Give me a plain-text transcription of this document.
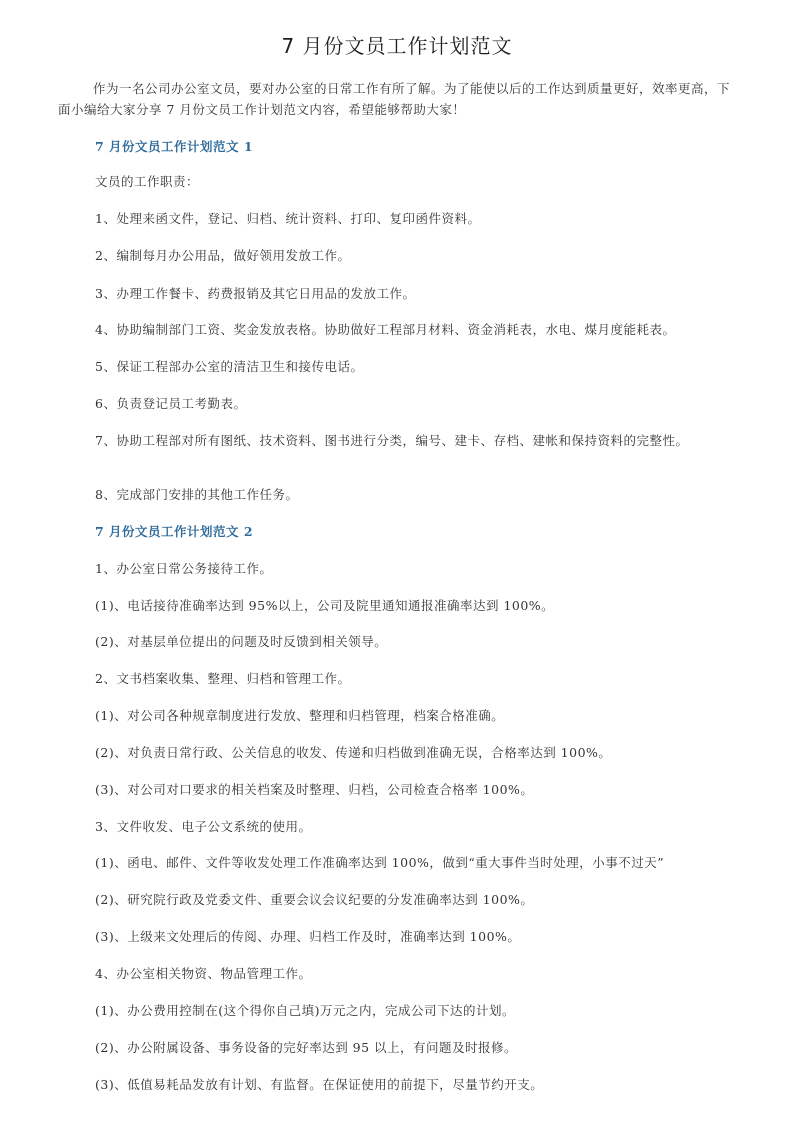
7 月份文员工作计划范文

作为一名公司办公室文员，要对办公室的日常工作有所了解。为了能使以后的工作达到质量更好，效率更高，下面小编给大家分享 7 月份文员工作计划范文内容，希望能够帮助大家！

7 月份文员工作计划范文 1

文员的工作职责：

1、处理来函文件，登记、归档、统计资料、打印、复印函件资料。

2、编制每月办公用品，做好领用发放工作。

3、办理工作餐卡、药费报销及其它日用品的发放工作。

4、协助编制部门工资、奖金发放表格。协助做好工程部月材料、资金消耗表，水电、煤月度能耗表。

5、保证工程部办公室的清洁卫生和接传电话。

6、负责登记员工考勤表。

7、协助工程部对所有图纸、技术资料、图书进行分类，编号、建卡、存档、建帐和保持资料的完整性。

8、完成部门安排的其他工作任务。

7 月份文员工作计划范文 2

1、办公室日常公务接待工作。

(1)、电话接待准确率达到 95%以上，公司及院里通知通报准确率达到 100%。

(2)、对基层单位提出的问题及时反馈到相关领导。

2、文书档案收集、整理、归档和管理工作。

(1)、对公司各种规章制度进行发放、整理和归档管理，档案合格准确。

(2)、对负责日常行政、公关信息的收发、传递和归档做到准确无误，合格率达到 100%。

(3)、对公司对口要求的相关档案及时整理、归档，公司检查合格率 100%。

3、文件收发、电子公文系统的使用。

(1)、函电、邮件、文件等收发处理工作准确率达到 100%，做到“重大事件当时处理，小事不过天”

(2)、研究院行政及党委文件、重要会议会议纪要的分发准确率达到 100%。

(3)、上级来文处理后的传阅、办理、归档工作及时，准确率达到 100%。

4、办公室相关物资、物品管理工作。

(1)、办公费用控制在(这个得你自己填)万元之内，完成公司下达的计划。

(2)、办公附属设备、事务设备的完好率达到 95 以上，有问题及时报修。

(3)、低值易耗品发放有计划、有监督。在保证使用的前提下，尽量节约开支。
